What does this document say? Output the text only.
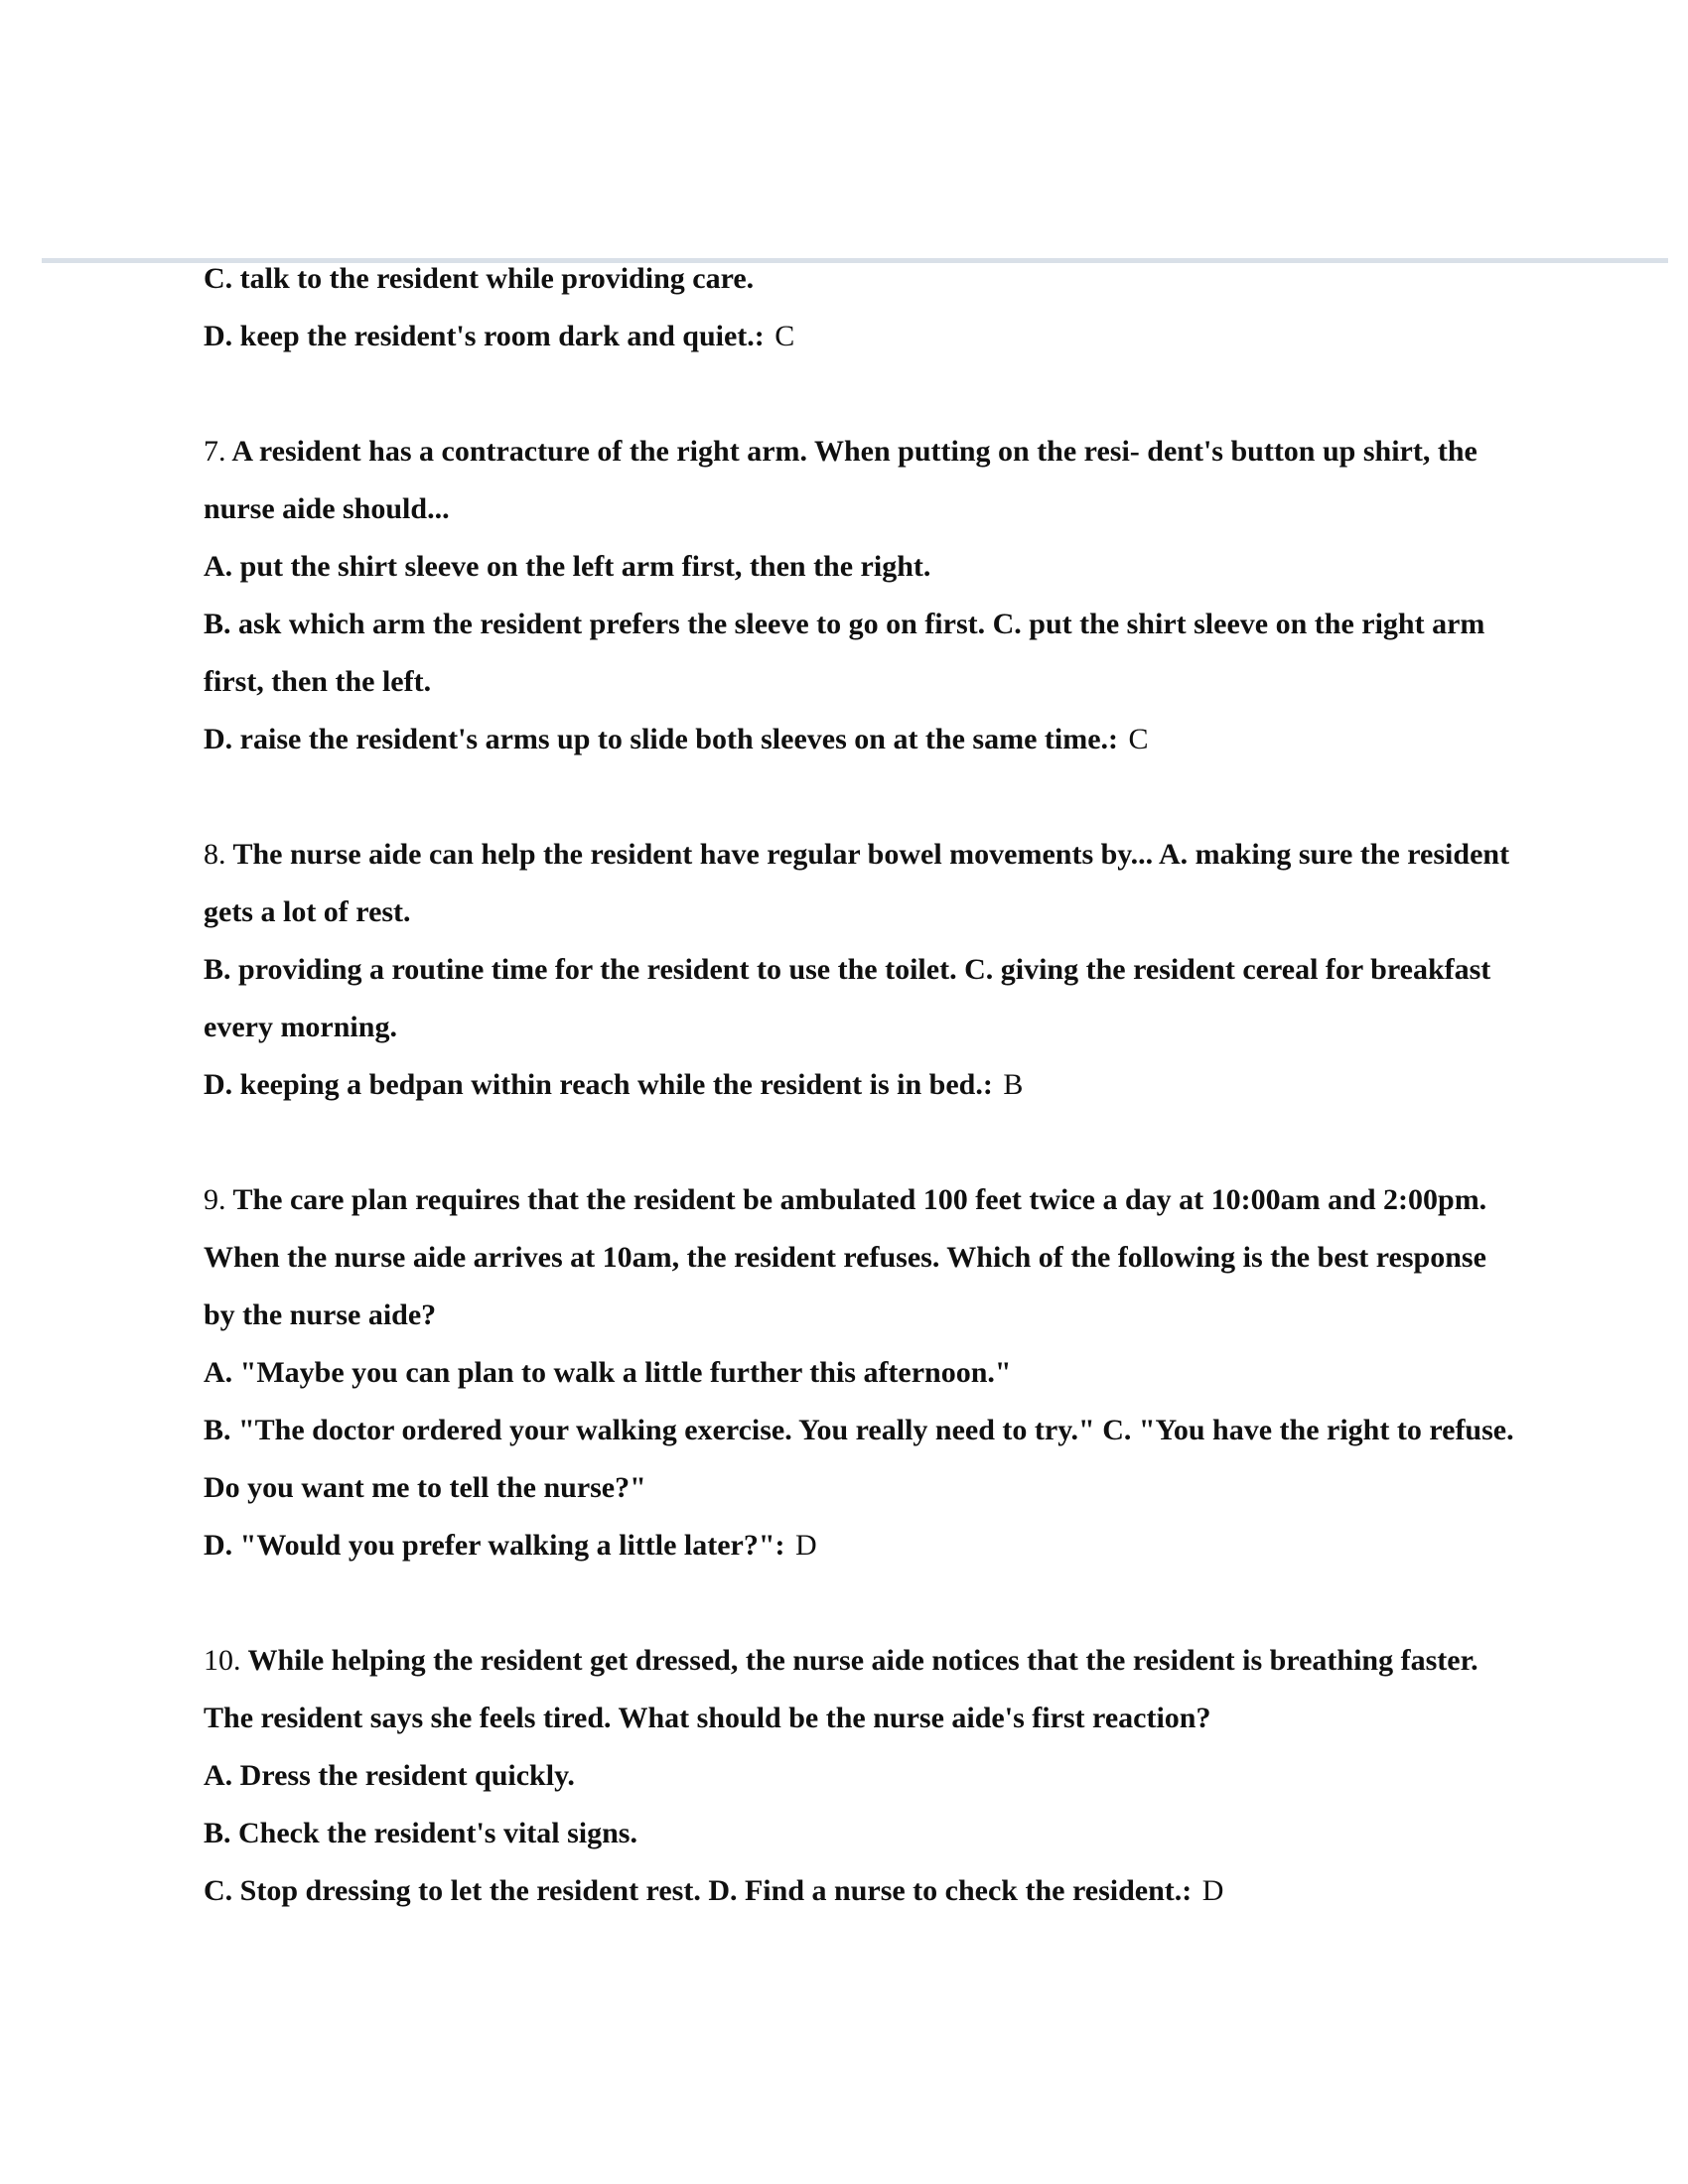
C. talk to the resident while providing care.

D. keep the resident's room dark and quiet.: C

7. A resident has a contracture of the right arm. When putting on the resi- dent's button up shirt, the nurse aide should...

A. put the shirt sleeve on the left arm first, then the right.

B. ask which arm the resident prefers the sleeve to go on first. C. put the shirt sleeve on the right arm first, then the left.

D. raise the resident's arms up to slide both sleeves on at the same time.: C

8. The nurse aide can help the resident have regular bowel movements by... A. making sure the resident gets a lot of rest.

B. providing a routine time for the resident to use the toilet. C. giving the resident cereal for breakfast every morning.

D. keeping a bedpan within reach while the resident is in bed.: B

9. The care plan requires that the resident be ambulated 100 feet twice a day at 10:00am and 2:00pm. When the nurse aide arrives at 10am, the resident refuses. Which of the following is the best response by the nurse aide?

A. "Maybe you can plan to walk a little further this afternoon."

B. "The doctor ordered your walking exercise. You really need to try." C. "You have the right to refuse. Do you want me to tell the nurse?"

D. "Would you prefer walking a little later?": D

10. While helping the resident get dressed, the nurse aide notices that the resident is breathing faster. The resident says she feels tired. What should be the nurse aide's first reaction?

A. Dress the resident quickly.

B. Check the resident's vital signs.

C. Stop dressing to let the resident rest. D. Find a nurse to check the resident.: D
